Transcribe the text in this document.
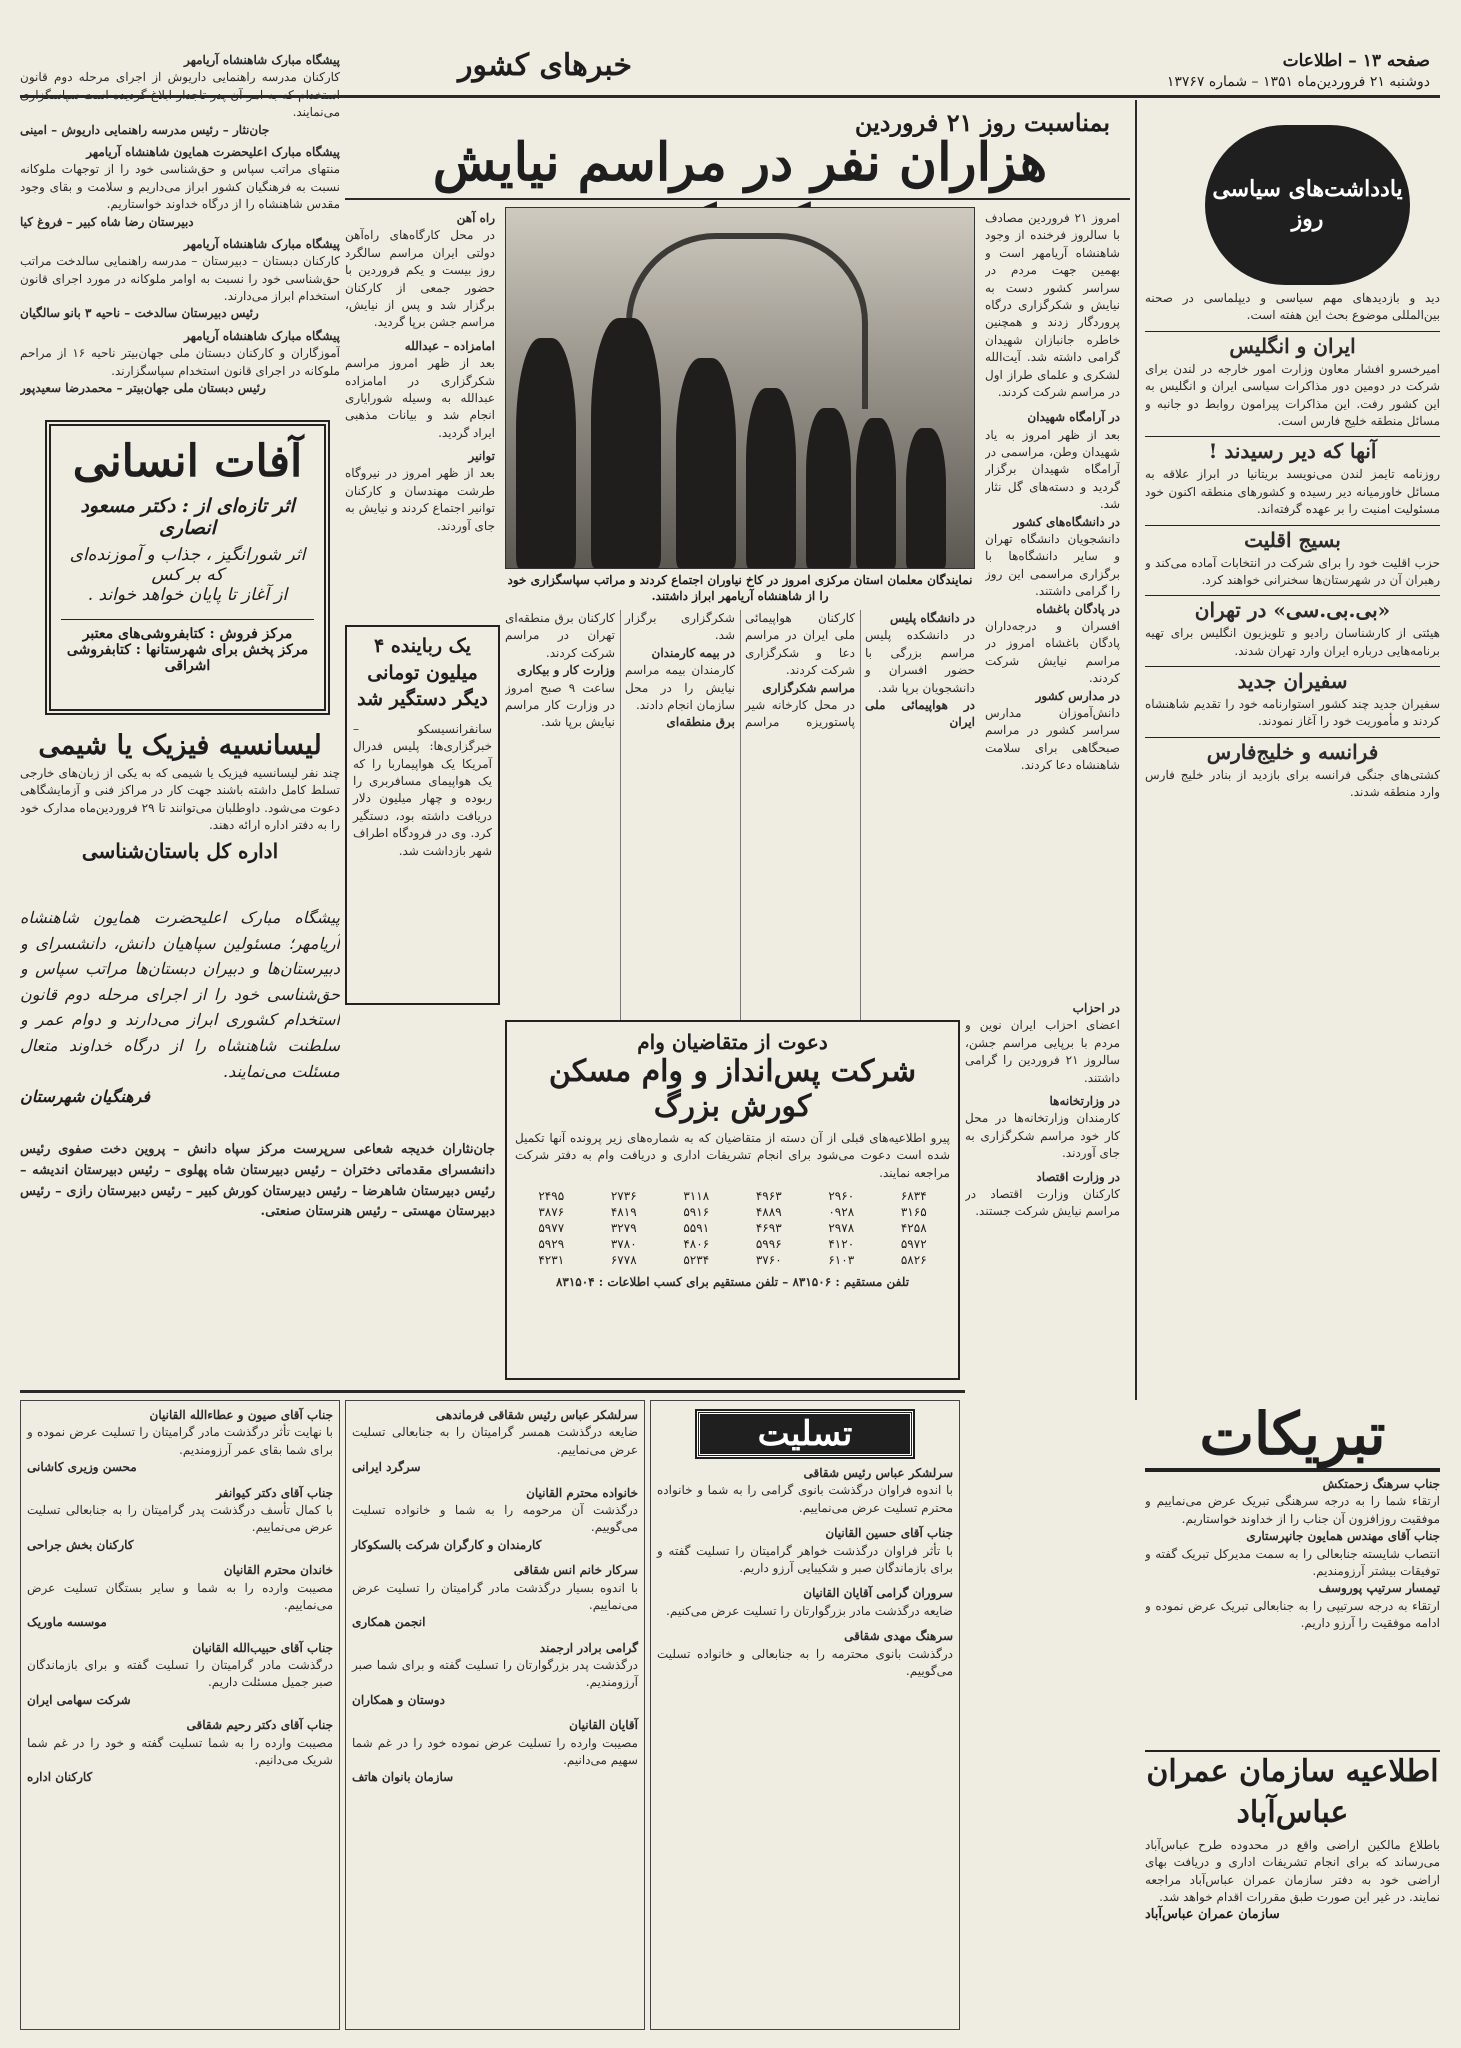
صفحه ۱۳ – اطلاعات
دوشنبه ۲۱ فروردین‌ماه ۱۳۵۱ – شماره ۱۳۷۶۷
خبرهای کشور
بمناسبت روز ۲۱ فروردین
هزاران نفر در مراسم نیایش
امروز ۲۱ فروردین مصادف با سالروز فرخنده از وجود شاهنشاه آریامهر است و بهمین جهت مردم در سراسر کشور دست به نیایش و شکرگزاری درگاه پروردگار زدند و همچنین خاطره جانبازان شهیدان گرامی داشته شد. آیت‌الله لشکری و علمای طراز اول در مراسم شرکت کردند.
در آرامگاه شهیدان
بعد از ظهر امروز به یاد شهیدان وطن، مراسمی در آرامگاه شهیدان برگزار گردید و دسته‌های گل نثار شد.
در دانشگاه‌های کشور
دانشجویان دانشگاه تهران و سایر دانشگاه‌ها با برگزاری مراسمی این روز را گرامی داشتند.
در پادگان باغشاه
افسران و درجه‌داران پادگان باغشاه امروز در مراسم نیایش شرکت کردند.
در مدارس کشور
دانش‌آموزان مدارس سراسر کشور در مراسم صبحگاهی برای سلامت شاهنشاه دعا کردند.
نمایندگان معلمان استان مرکزی امروز در کاخ نیاوران اجتماع کردند و مراتب سپاسگزاری خود را از شاهنشاه آریامهر ابراز داشتند.
راه آهن
در محل کارگاه‌های راه‌آهن دولتی ایران مراسم سالگرد روز بیست و یکم فروردین با حضور جمعی از کارکنان برگزار شد و پس از نیایش، مراسم جشن برپا گردید.
امامزاده – عبدالله
بعد از ظهر امروز مراسم شکرگزاری در امامزاده عبدالله به وسیله شورایاری انجام شد و بیانات مذهبی ایراد گردید.
توانیر
بعد از ظهر امروز در نیروگاه طرشت مهندسان و کارکنان توانیر اجتماع کردند و نیایش به جای آوردند.
یک رباینده ۴ میلیون تومانی دیگر دستگیر شد
سانفرانسیسکو – خبرگزاری‌ها: پلیس فدرال آمریکا یک هواپیماربا را که یک هواپیمای مسافربری را ربوده و چهار میلیون دلار دریافت داشته بود، دستگیر کرد. وی در فرودگاه اطراف شهر بازداشت شد.
در دانشگاه پلیس
در دانشکده پلیس مراسم بزرگی با حضور افسران و دانشجویان برپا شد.
در هواپیمائی ملی ایران
کارکنان هواپیمائی ملی ایران در مراسم دعا و شکرگزاری شرکت کردند.
مراسم شکرگزاری
در محل کارخانه شیر پاستوریزه مراسم شکرگزاری برگزار شد.
در بیمه کارمندان
کارمندان بیمه مراسم نیایش را در محل سازمان انجام دادند.
برق منطقه‌ای
کارکنان برق منطقه‌ای تهران در مراسم شرکت کردند.
وزارت کار و بیکاری
ساعت ۹ صبح امروز در وزارت کار مراسم نیایش برپا شد.
در احزاب
اعضای احزاب ایران نوین و مردم با برپایی مراسم جشن، سالروز ۲۱ فروردین را گرامی داشتند.
در وزارتخانه‌ها
کارمندان وزارتخانه‌ها در محل کار خود مراسم شکرگزاری به جای آوردند.
در وزارت اقتصاد
کارکنان وزارت اقتصاد در مراسم نیایش شرکت جستند.
دعوت از متقاضیان وام
شرکت پس‌انداز و وام مسکن کورش بزرگ
پیرو اطلاعیه‌های قبلی از آن دسته از متقاضیان که به شماره‌های زیر پرونده آنها تکمیل شده است دعوت می‌شود برای انجام تشریفات اداری و دریافت وام به دفتر شرکت مراجعه نمایند.
۶۸۳۴	۲۹۶۰	۴۹۶۳	۳۱۱۸	۲۷۳۶	۲۴۹۵
۳۱۶۵	۰۹۲۸	۴۸۸۹	۵۹۱۶	۴۸۱۹	۳۸۷۶
۴۲۵۸	۲۹۷۸	۴۶۹۳	۵۵۹۱	۳۲۷۹	۵۹۷۷
۵۹۷۲	۴۱۲۰	۵۹۹۶	۴۸۰۶	۳۷۸۰	۵۹۲۹
۵۸۲۶	۶۱۰۳	۳۷۶۰	۵۲۳۴	۶۷۷۸	۴۲۳۱
تلفن مستقیم : ۸۳۱۵۰۶ – تلفن مستقیم برای کسب اطلاعات : ۸۳۱۵۰۴
پیشگاه مبارک شاهنشاه آریامهر
کارکنان مدرسه راهنمایی داریوش از اجرای مرحله دوم قانون استخدام که به امر آن پدر تاجدار ابلاغ گردیده است سپاسگزاری می‌نمایند.
جان‌نثار – رئیس مدرسه راهنمایی داریوش – امینی
پیشگاه مبارک اعلیحضرت همایون شاهنشاه آریامهر
منتهای مراتب سپاس و حق‌شناسی خود را از توجهات ملوکانه نسبت به فرهنگیان کشور ابراز می‌داریم و سلامت و بقای وجود مقدس شاهنشاه را از درگاه خداوند خواستاریم.
دبیرستان رضا شاه کبیر – فروغ کیا
پیشگاه مبارک شاهنشاه آریامهر
کارکنان دبستان – دبیرستان – مدرسه راهنمایی سالدخت مراتب حق‌شناسی خود را نسبت به اوامر ملوکانه در مورد اجرای قانون استخدام ابراز می‌دارند.
رئیس دبیرستان سالدخت – ناحیه ۳ بانو سالگیان
پیشگاه مبارک شاهنشاه آریامهر
آموزگاران و کارکنان دبستان ملی جهان‌بیتر ناحیه ۱۶ از مراحم ملوکانه در اجرای قانون استخدام سپاسگزارند.
رئیس دبستان ملی جهان‌بیتر – محمدرضا سعیدپور
آفات انسانی
اثر تازه‌ای از : دکتر مسعود انصاری
اثر شورانگیز ، جذاب و آموزنده‌ای که بر کس
از آغاز تا پایان خواهد خواند .
مرکز فروش : کتابفروشی‌های معتبر
مرکز پخش برای شهرستانها : کتابفروشی اشراقی
لیسانسیه فیزیک یا شیمی
چند نفر لیسانسیه فیزیک یا شیمی که به یکی از زبان‌های خارجی تسلط کامل داشته باشند جهت کار در مراکز فنی و آزمایشگاهی دعوت می‌شود. داوطلبان می‌توانند تا ۲۹ فروردین‌ماه مدارک خود را به دفتر اداره ارائه دهند.
اداره کل باستان‌شناسی
پیشگاه مبارک اعلیحضرت همایون شاهنشاه آریامهر؛ مسئولین سپاهیان دانش، دانشسرای و دبیرستان‌ها و دبیران دبستان‌ها مراتب سپاس و حق‌شناسی خود را از اجرای مرحله دوم قانون استخدام کشوری ابراز می‌دارند و دوام عمر و سلطنت شاهنشاه را از درگاه خداوند متعال مسئلت می‌نمایند.
فرهنگیان شهرستان
جان‌نثاران خدیجه شعاعی سرپرست مرکز سپاه دانش – پروین دخت صفوی رئیس دانشسرای مقدماتی دختران – رئیس دبیرستان شاه پهلوی – رئیس دبیرستان اندیشه – رئیس دبیرستان شاهرضا – رئیس دبیرستان کورش کبیر – رئیس دبیرستان رازی – رئیس دبیرستان مهستی – رئیس هنرستان صنعتی.
یادداشت‌های سیاسی روز
دید و بازدیدهای مهم سیاسی و دیپلماسی در صحنه بین‌المللی موضوع بحث این هفته است.
ایران و انگلیس
امیرخسرو افشار معاون وزارت امور خارجه در لندن برای شرکت در دومین دور مذاکرات سیاسی ایران و انگلیس به این کشور رفت. این مذاکرات پیرامون روابط دو جانبه و مسائل منطقه خلیج فارس است.
آنها که دیر رسیدند !
روزنامه تایمز لندن می‌نویسد بریتانیا در ابراز علاقه به مسائل خاورمیانه دیر رسیده و کشورهای منطقه اکنون خود مسئولیت امنیت را بر عهده گرفته‌اند.
بسیج اقلیت
حزب اقلیت خود را برای شرکت در انتخابات آماده می‌کند و رهبران آن در شهرستان‌ها سخنرانی خواهند کرد.
«بی.بی.سی» در تهران
هیئتی از کارشناسان رادیو و تلویزیون انگلیس برای تهیه برنامه‌هایی درباره ایران وارد تهران شدند.
سفیران جدید
سفیران جدید چند کشور استوارنامه خود را تقدیم شاهنشاه کردند و مأموریت خود را آغاز نمودند.
فرانسه و خلیج‌فارس
کشتی‌های جنگی فرانسه برای بازدید از بنادر خلیج فارس وارد منطقه شدند.
تبریکات
جناب سرهنگ زحمتکش
ارتقاء شما را به درجه سرهنگی تبریک عرض می‌نماییم و موفقیت روزافزون آن جناب را از خداوند خواستاریم.
جناب آقای مهندس همایون جانپرستاری
انتصاب شایسته جنابعالی را به سمت مدیرکل تبریک گفته و توفیقات بیشتر آرزومندیم.
تیمسار سرتیپ پوروسف
ارتقاء به درجه سرتیپی را به جنابعالی تبریک عرض نموده و ادامه موفقیت را آرزو داریم.
اطلاعیه سازمان عمران عباس‌آباد
باطلاع مالکین اراضی واقع در محدوده طرح عباس‌آباد می‌رساند که برای انجام تشریفات اداری و دریافت بهای اراضی خود به دفتر سازمان عمران عباس‌آباد مراجعه نمایند. در غیر این صورت طبق مقررات اقدام خواهد شد.
سازمان عمران عباس‌آباد
جناب آقای صیون و عطاءالله القانیان
با نهایت تأثر درگذشت مادر گرامیتان را تسلیت عرض نموده و برای شما بقای عمر آرزومندیم.
محسن وزیری کاشانی
جناب آقای دکتر کیوانفر
با کمال تأسف درگذشت پدر گرامیتان را به جنابعالی تسلیت عرض می‌نماییم.
کارکنان بخش جراحی
خاندان محترم القانیان
مصیبت وارده را به شما و سایر بستگان تسلیت عرض می‌نماییم.
موسسه ماوریک
جناب آقای حبیب‌الله القانیان
درگذشت مادر گرامیتان را تسلیت گفته و برای بازماندگان صبر جمیل مسئلت داریم.
شرکت سهامی ایران
جناب آقای دکتر رحیم شقاقی
مصیبت وارده را به شما تسلیت گفته و خود را در غم شما شریک می‌دانیم.
کارکنان اداره
سرلشکر عباس رئیس شقاقی فرماندهی
ضایعه درگذشت همسر گرامیتان را به جنابعالی تسلیت عرض می‌نماییم.
سرگرد ایرانی
خانواده محترم القانیان
درگذشت آن مرحومه را به شما و خانواده تسلیت می‌گوییم.
کارمندان و کارگران شرکت بالسکوکار
سرکار خانم انس شقاقی
با اندوه بسیار درگذشت مادر گرامیتان را تسلیت عرض می‌نماییم.
انجمن همکاری
گرامی برادر ارجمند
درگذشت پدر بزرگوارتان را تسلیت گفته و برای شما صبر آرزومندیم.
دوستان و همکاران
آقایان القانیان
مصیبت وارده را تسلیت عرض نموده خود را در غم شما سهیم می‌دانیم.
سازمان بانوان هاتف
تسلیت
سرلشکر عباس رئیس شقاقی
با اندوه فراوان درگذشت بانوی گرامی را به شما و خانواده محترم تسلیت عرض می‌نماییم.
جناب آقای حسین القانیان
با تأثر فراوان درگذشت خواهر گرامیتان را تسلیت گفته و برای بازماندگان صبر و شکیبایی آرزو داریم.
سروران گرامی آقایان القانیان
ضایعه درگذشت مادر بزرگوارتان را تسلیت عرض می‌کنیم.
سرهنگ مهدی شقاقی
درگذشت بانوی محترمه را به جنابعالی و خانواده تسلیت می‌گوییم.
